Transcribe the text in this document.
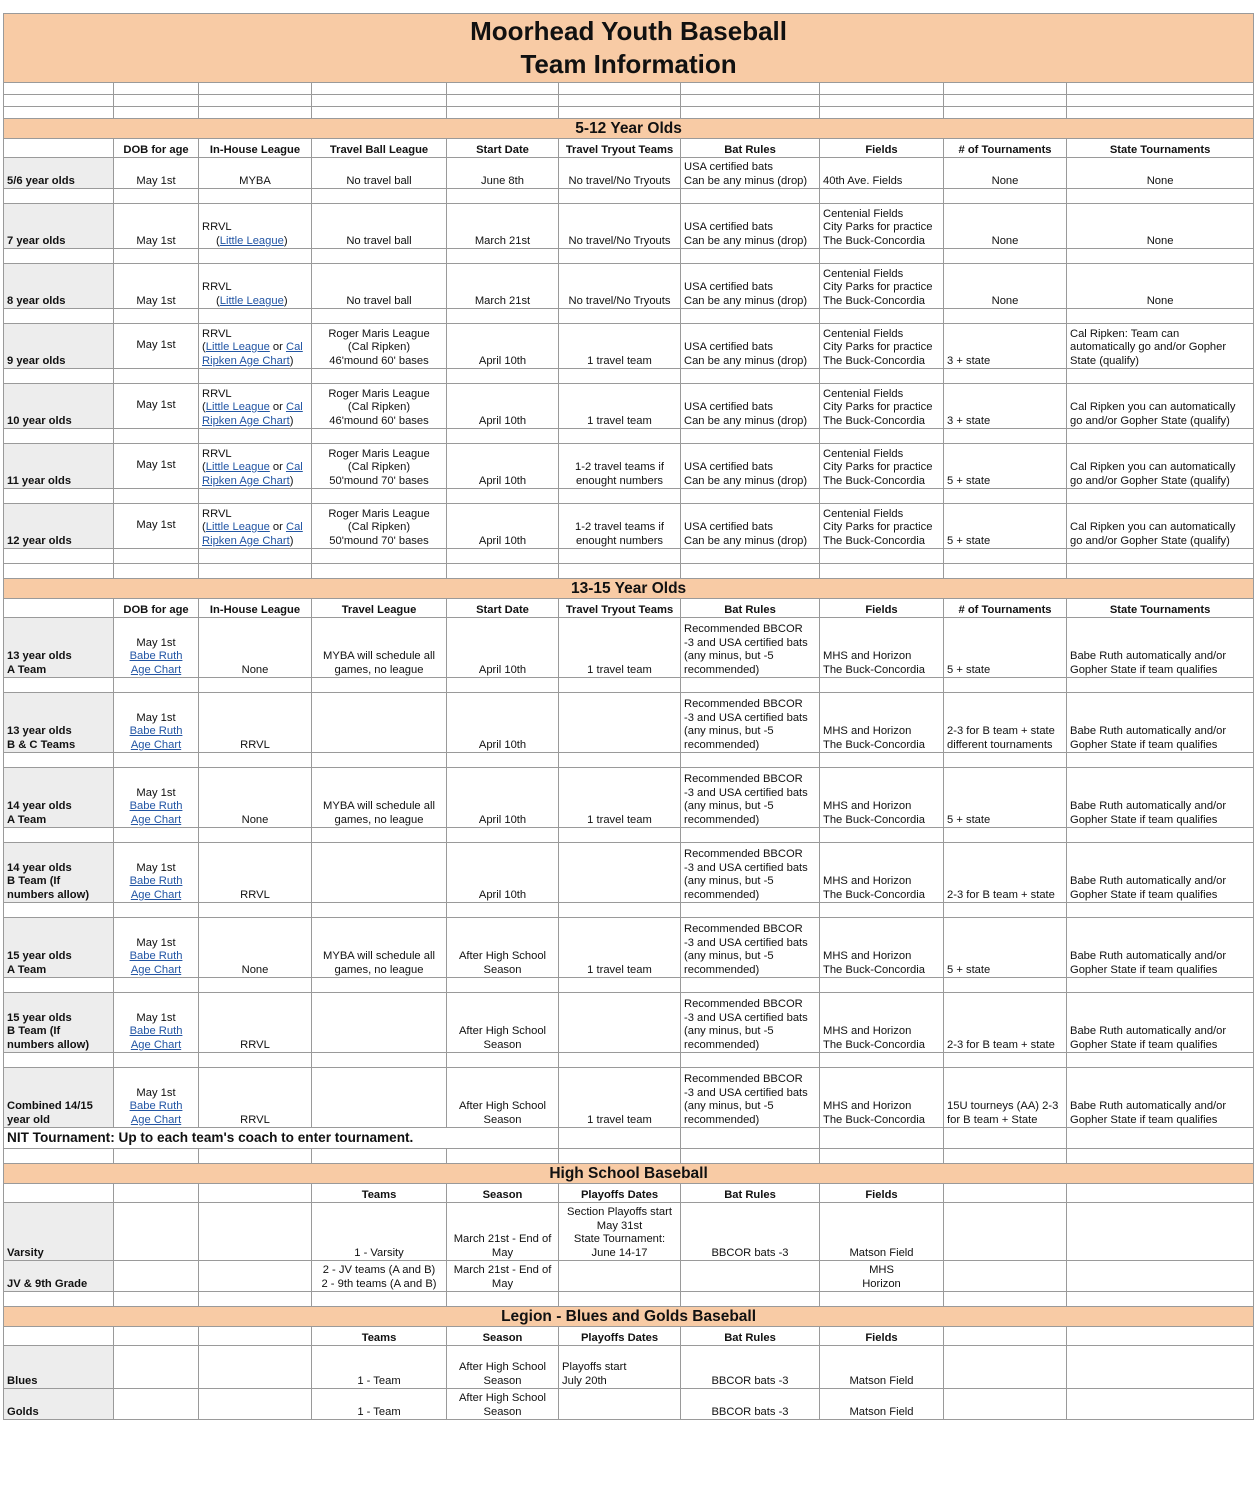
Moorhead Youth Baseball
Team Information									

5-12 Year Olds									
	DOB for age	In-House League	Travel Ball League	Start Date	Travel Tryout Teams	Bat Rules	Fields	# of Tournaments	State Tournaments
5/6 year olds	May 1st	MYBA	No travel ball	June 8th	No travel/No Tryouts	USA certified bats
Can be any minus (drop)	40th Ave. Fields	None	None

7 year olds	May 1st	RRVL
(Little League)	No travel ball	March 21st	No travel/No Tryouts	USA certified bats
Can be any minus (drop)	Centenial Fields
City Parks for practice
The Buck-Concordia	None	None

8 year olds	May 1st	RRVL
(Little League)	No travel ball	March 21st	No travel/No Tryouts	USA certified bats
Can be any minus (drop)	Centenial Fields
City Parks for practice
The Buck-Concordia	None	None

9 year olds	May 1st	RRVL
(Little League or Cal
Ripken Age Chart)	Roger Maris League
(Cal Ripken)
46'mound 60' bases	April 10th	1 travel team	USA certified bats
Can be any minus (drop)	Centenial Fields
City Parks for practice
The Buck-Concordia	3 + state	Cal Ripken: Team can
automatically go and/or Gopher
State (qualify)

10 year olds	May 1st	RRVL
(Little League or Cal
Ripken Age Chart)	Roger Maris League
(Cal Ripken)
46'mound 60' bases	April 10th	1 travel team	USA certified bats
Can be any minus (drop)	Centenial Fields
City Parks for practice
The Buck-Concordia	3 + state	Cal Ripken you can automatically
go and/or Gopher State (qualify)

11 year olds	May 1st	RRVL
(Little League or Cal
Ripken Age Chart)	Roger Maris League
(Cal Ripken)
50'mound 70' bases	April 10th	1-2 travel teams if
enought numbers	USA certified bats
Can be any minus (drop)	Centenial Fields
City Parks for practice
The Buck-Concordia	5 + state	Cal Ripken you can automatically
go and/or Gopher State (qualify)

12 year olds	May 1st	RRVL
(Little League or Cal
Ripken Age Chart)	Roger Maris League
(Cal Ripken)
50'mound 70' bases	April 10th	1-2 travel teams if
enought numbers	USA certified bats
Can be any minus (drop)	Centenial Fields
City Parks for practice
The Buck-Concordia	5 + state	Cal Ripken you can automatically
go and/or Gopher State (qualify)

13-15 Year Olds									
	DOB for age	In-House League	Travel League	Start Date	Travel Tryout Teams	Bat Rules	Fields	# of Tournaments	State Tournaments

13 year olds
A Team	May 1st
Babe Ruth
Age Chart	None	MYBA will schedule all
games, no league	April 10th	1 travel team	Recommended BBCOR
-3 and USA certified bats
(any minus, but -5
recommended)	MHS and Horizon
The Buck-Concordia	5 + state	Babe Ruth automatically and/or
Gopher State if team qualifies

13 year olds
B & C Teams	May 1st
Babe Ruth
Age Chart	RRVL		April 10th		Recommended BBCOR
-3 and USA certified bats
(any minus, but -5
recommended)	MHS and Horizon
The Buck-Concordia	2-3 for B team + state
different tournaments	Babe Ruth automatically and/or
Gopher State if team qualifies

14 year olds
A Team	May 1st
Babe Ruth
Age Chart	None	MYBA will schedule all
games, no league	April 10th	1 travel team	Recommended BBCOR
-3 and USA certified bats
(any minus, but -5
recommended)	MHS and Horizon
The Buck-Concordia	5 + state	Babe Ruth automatically and/or
Gopher State if team qualifies

14 year olds
B Team (If
numbers allow)	May 1st
Babe Ruth
Age Chart	RRVL		April 10th		Recommended BBCOR
-3 and USA certified bats
(any minus, but -5
recommended)	MHS and Horizon
The Buck-Concordia	2-3 for B team + state	Babe Ruth automatically and/or
Gopher State if team qualifies

15 year olds
A Team	May 1st
Babe Ruth
Age Chart	None	MYBA will schedule all
games, no league	After High School
Season	1 travel team	Recommended BBCOR
-3 and USA certified bats
(any minus, but -5
recommended)	MHS and Horizon
The Buck-Concordia	5 + state	Babe Ruth automatically and/or
Gopher State if team qualifies

15 year olds
B Team (If
numbers allow)	May 1st
Babe Ruth
Age Chart	RRVL		After High School
Season		Recommended BBCOR
-3 and USA certified bats
(any minus, but -5
recommended)	MHS and Horizon
The Buck-Concordia	2-3 for B team + state	Babe Ruth automatically and/or
Gopher State if team qualifies

Combined 14/15
year old	May 1st
Babe Ruth
Age Chart	RRVL		After High School
Season	1 travel team	Recommended BBCOR
-3 and USA certified bats
(any minus, but -5
recommended)	MHS and Horizon
The Buck-Concordia	15U tourneys (AA) 2-3
for B team + State	Babe Ruth automatically and/or
Gopher State if team qualifies

NIT Tournament: Up to each team's coach to enter tournament.									

High School Baseball									
			Teams	Season	Playoffs Dates	Bat Rules	Fields		
Varsity			1 - Varsity	March 21st - End of
May	Section Playoffs start
May 31st
State Tournament:
June 14-17	BBCOR bats -3	Matson Field		
JV & 9th Grade			2 - JV teams (A and B)
2 - 9th teams (A and B)	March 21st - End of
May			MHS
Horizon		

Legion - Blues and Golds Baseball									
			Teams	Season	Playoffs Dates	Bat Rules	Fields		
Blues			1 - Team	After High School
Season	Playoffs start
July 20th	BBCOR bats -3	Matson Field		
Golds			1 - Team	After High School
Season		BBCOR bats -3	Matson Field		
